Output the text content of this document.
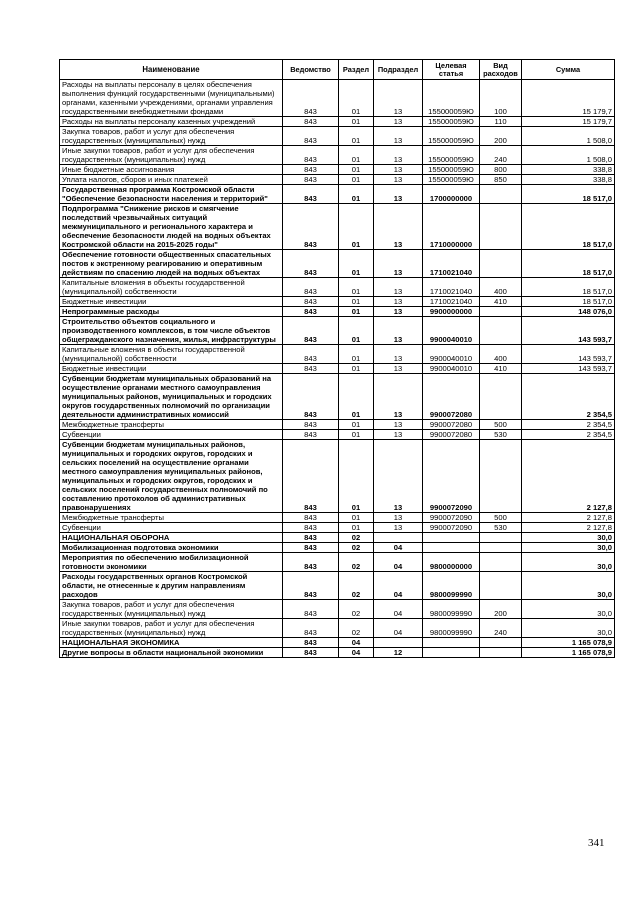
Наименование	Ведомство	Раздел	Подраздел	Целевая статья	Вид расходов	Сумма
Расходы на выплаты персоналу в целях обеспечения выполнения функций государственными (муниципальными) органами, казенными учреждениями, органами управления государственными внебюджетными фондами	843	01	13	155000059Ю	100	15 179,7
Расходы на выплаты персоналу казенных учреждений	843	01	13	155000059Ю	110	15 179,7
Закупка товаров, работ и услуг для обеспечения государственных (муниципальных) нужд	843	01	13	155000059Ю	200	1 508,0
Иные закупки товаров, работ и услуг для обеспечения государственных (муниципальных) нужд	843	01	13	155000059Ю	240	1 508,0
Иные бюджетные ассигнования	843	01	13	155000059Ю	800	338,8
Уплата налогов, сборов и иных платежей	843	01	13	155000059Ю	850	338,8
Государственная программа Костромской области "Обеспечение безопасности населения и территорий"	843	01	13	1700000000		18 517,0
Подпрограмма "Снижение рисков и смягчение последствий чрезвычайных ситуаций межмуниципального и регионального характера и обеспечение безопасности людей на водных объектах Костромской области на 2015-2025 годы"	843	01	13	1710000000		18 517,0
Обеспечение готовности общественных спасательных постов к экстренному реагированию и оперативным действиям по спасению людей на водных объектах	843	01	13	1710021040		18 517,0
Капитальные вложения в объекты государственной (муниципальной) собственности	843	01	13	1710021040	400	18 517,0
Бюджетные инвестиции	843	01	13	1710021040	410	18 517,0
Непрограммные расходы	843	01	13	9900000000		148 076,0
Строительство объектов социального и производственного комплексов, в том числе объектов общегражданского назначения, жилья, инфраструктуры	843	01	13	9900040010		143 593,7
Капитальные вложения в объекты государственной (муниципальной) собственности	843	01	13	9900040010	400	143 593,7
Бюджетные инвестиции	843	01	13	9900040010	410	143 593,7
Субвенции бюджетам муниципальных образований на осуществление органами местного самоуправления муниципальных районов, муниципальных и городских округов государственных полномочий по организации деятельности административных комиссий	843	01	13	9900072080		2 354,5
Межбюджетные трансферты	843	01	13	9900072080	500	2 354,5
Субвенции	843	01	13	9900072080	530	2 354,5
Субвенции бюджетам муниципальных районов, муниципальных и городских округов, городских и сельских поселений на осуществление органами местного самоуправления муниципальных районов, муниципальных и городских округов, городских и сельских поселений государственных полномочий по составлению протоколов об административных правонарушениях	843	01	13	9900072090		2 127,8
Межбюджетные трансферты	843	01	13	9900072090	500	2 127,8
Субвенции	843	01	13	9900072090	530	2 127,8
НАЦИОНАЛЬНАЯ ОБОРОНА	843	02				30,0
Мобилизационная подготовка экономики	843	02	04			30,0
Мероприятия по обеспечению мобилизационной готовности экономики	843	02	04	9800000000		30,0
Расходы государственных органов Костромской области, не отнесенные к другим направлениям расходов	843	02	04	9800099990		30,0
Закупка товаров, работ и услуг для обеспечения государственных (муниципальных) нужд	843	02	04	9800099990	200	30,0
Иные закупки товаров, работ и услуг для обеспечения государственных (муниципальных) нужд	843	02	04	9800099990	240	30,0
НАЦИОНАЛЬНАЯ ЭКОНОМИКА	843	04				1 165 078,9
Другие вопросы в области национальной экономики	843	04	12			1 165 078,9
341
